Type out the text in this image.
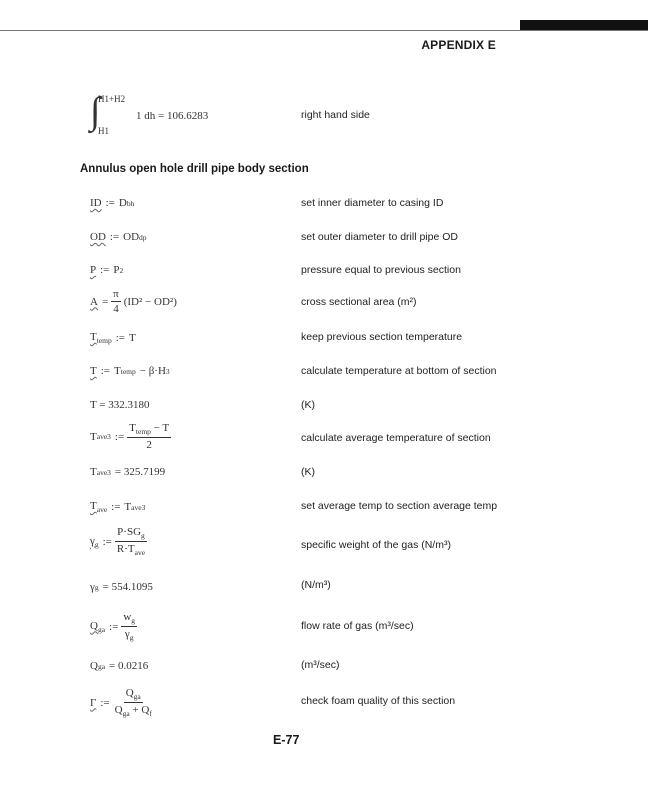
APPENDIX E
∫
H1+H2
H1
1 dh = 106.6283	right hand side
Annulus open hole drill pipe body section
ID := D bh	set inner diameter to casing ID
OD := OD dp	set outer diameter to drill pipe OD
P := P 2	pressure equal to previous section
$A = \frac{\pi}{4} (ID^2 - OD^2)$	cross sectional area (m²)
$T_{temp}$ := T	keep previous section temperature
T := T temp − β·H 3	calculate temperature at bottom of section
T = 332.3180	(K)
T ave3 := $\frac{T_{temp} - T}{2}$	calculate average temperature of section
T ave3 = 325.7199	(K)
$T_{ave}$ := T ave3	set average temp to section average temp
$\gamma_g$ := $\frac{P\cdot SG_g}{R\cdot T_{ave}}$	specific weight of the gas (N/m³)
γ g = 554.1095	(N/m³)
$Q_{ga}$ := $\frac{w_g}{\gamma_g}$	flow rate of gas (m³/sec)
Q ga = 0.0216	(m³/sec)
Γ := $\frac{Q_{ga}}{Q_{ga} + Q_f}$	check foam quality of this section
E-77
